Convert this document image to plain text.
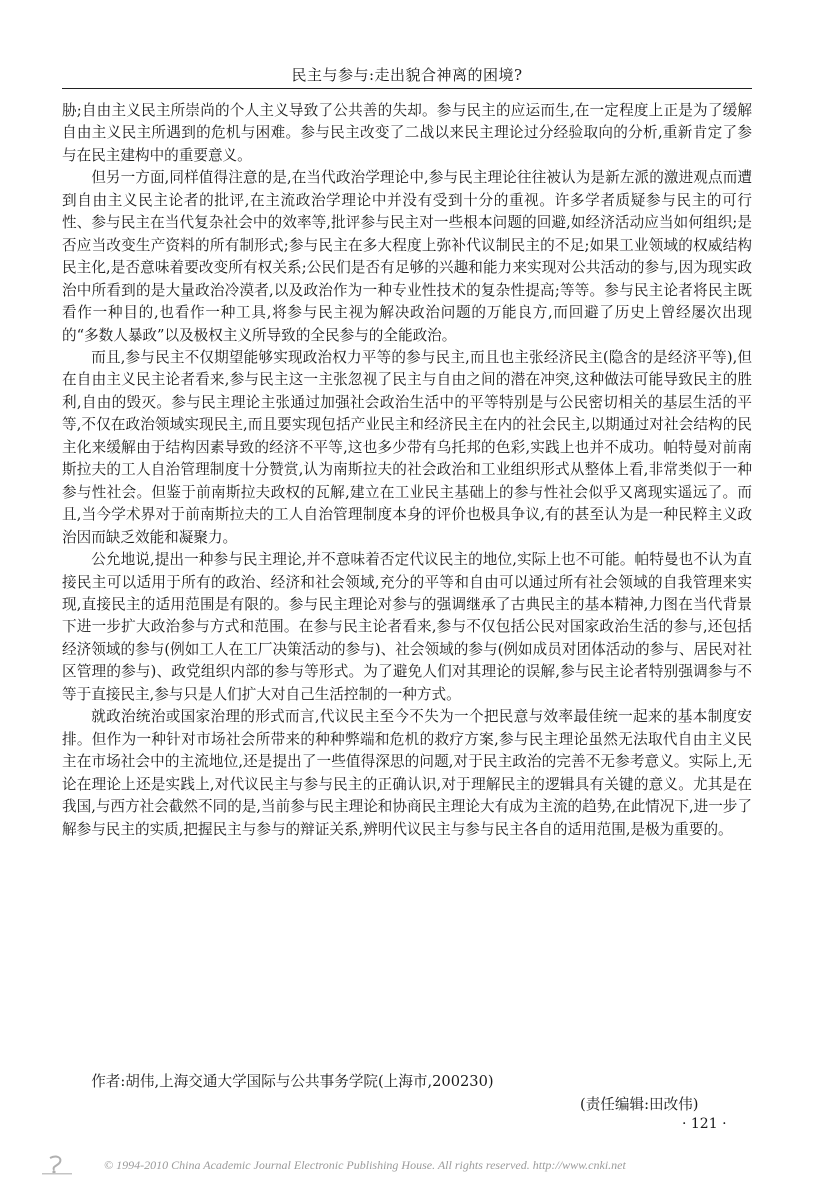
民主与参与:走出貌合神离的困境?

胁;自由主义民主所崇尚的个人主义导致了公共善的失却。参与民主的应运而生,在一定程度上正是为了缓解自由主义民主所遇到的危机与困难。参与民主改变了二战以来民主理论过分经验取向的分析,重新肯定了参与在民主建构中的重要意义。

但另一方面,同样值得注意的是,在当代政治学理论中,参与民主理论往往被认为是新左派的激进观点而遭到自由主义民主论者的批评,在主流政治学理论中并没有受到十分的重视。许多学者质疑参与民主的可行性、参与民主在当代复杂社会中的效率等,批评参与民主对一些根本问题的回避,如经济活动应当如何组织;是否应当改变生产资料的所有制形式;参与民主在多大程度上弥补代议制民主的不足;如果工业领域的权威结构民主化,是否意味着要改变所有权关系;公民们是否有足够的兴趣和能力来实现对公共活动的参与,因为现实政治中所看到的是大量政治冷漠者,以及政治作为一种专业性技术的复杂性提高;等等。参与民主论者将民主既看作一种目的,也看作一种工具,将参与民主视为解决政治问题的万能良方,而回避了历史上曾经屡次出现的“多数人暴政”以及极权主义所导致的全民参与的全能政治。

而且,参与民主不仅期望能够实现政治权力平等的参与民主,而且也主张经济民主(隐含的是经济平等),但在自由主义民主论者看来,参与民主这一主张忽视了民主与自由之间的潜在冲突,这种做法可能导致民主的胜利,自由的毁灭。参与民主理论主张通过加强社会政治生活中的平等特别是与公民密切相关的基层生活的平等,不仅在政治领域实现民主,而且要实现包括产业民主和经济民主在内的社会民主,以期通过对社会结构的民主化来缓解由于结构因素导致的经济不平等,这也多少带有乌托邦的色彩,实践上也并不成功。帕特曼对前南斯拉夫的工人自治管理制度十分赞赏,认为南斯拉夫的社会政治和工业组织形式从整体上看,非常类似于一种参与性社会。但鉴于前南斯拉夫政权的瓦解,建立在工业民主基础上的参与性社会似乎又离现实遥远了。而且,当今学术界对于前南斯拉夫的工人自治管理制度本身的评价也极具争议,有的甚至认为是一种民粹主义政治因而缺乏效能和凝聚力。

公允地说,提出一种参与民主理论,并不意味着否定代议民主的地位,实际上也不可能。帕特曼也不认为直接民主可以适用于所有的政治、经济和社会领域,充分的平等和自由可以通过所有社会领域的自我管理来实现,直接民主的适用范围是有限的。参与民主理论对参与的强调继承了古典民主的基本精神,力图在当代背景下进一步扩大政治参与方式和范围。在参与民主论者看来,参与不仅包括公民对国家政治生活的参与,还包括经济领域的参与(例如工人在工厂决策活动的参与)、社会领域的参与(例如成员对团体活动的参与、居民对社区管理的参与)、政党组织内部的参与等形式。为了避免人们对其理论的误解,参与民主论者特别强调参与不等于直接民主,参与只是人们扩大对自己生活控制的一种方式。

就政治统治或国家治理的形式而言,代议民主至今不失为一个把民意与效率最佳统一起来的基本制度安排。但作为一种针对市场社会所带来的种种弊端和危机的救疗方案,参与民主理论虽然无法取代自由主义民主在市场社会中的主流地位,还是提出了一些值得深思的问题,对于民主政治的完善不无参考意义。实际上,无论在理论上还是实践上,对代议民主与参与民主的正确认识,对于理解民主的逻辑具有关键的意义。尤其是在我国,与西方社会截然不同的是,当前参与民主理论和协商民主理论大有成为主流的趋势,在此情况下,进一步了解参与民主的实质,把握民主与参与的辩证关系,辨明代议民主与参与民主各自的适用范围,是极为重要的。

作者:胡伟,上海交通大学国际与公共事务学院(上海市,200230)
(责任编辑:田改伟)
· 121 ·
© 1994-2010 China Academic Journal Electronic Publishing House. All rights reserved. http://www.cnki.net
